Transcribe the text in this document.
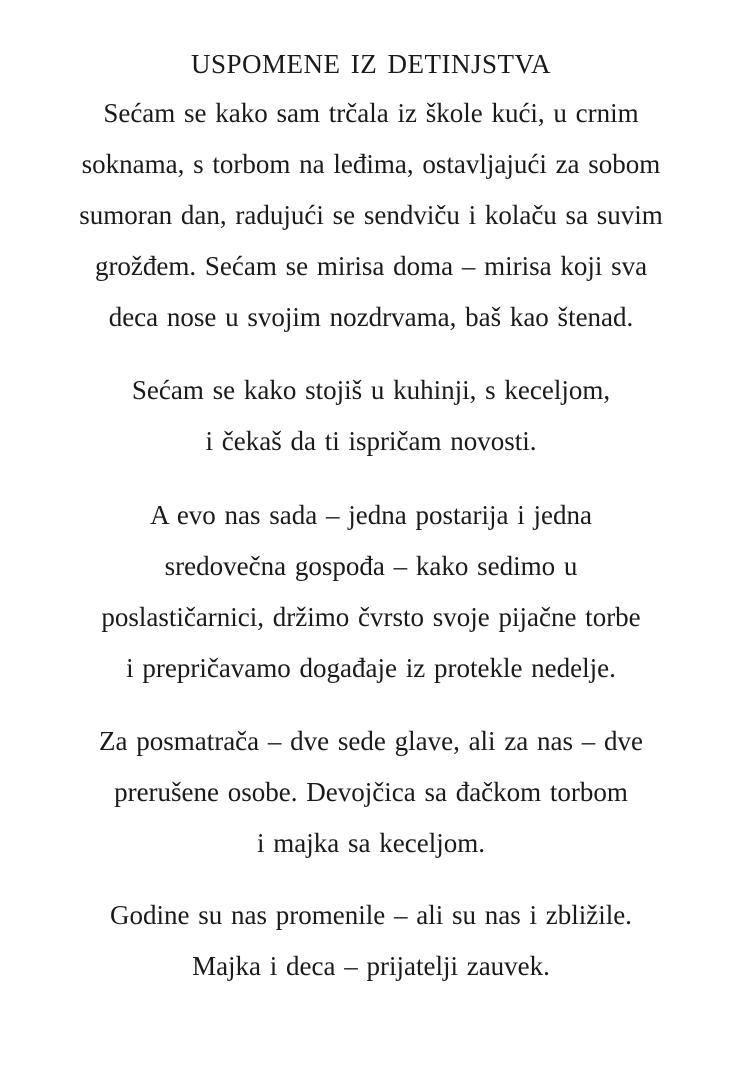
USPOMENE IZ DETINJSTVA
Sećam se kako sam trčala iz škole kući, u crnim
soknama, s torbom na leđima, ostavljajući za sobom
sumoran dan, radujući se sendviču i kolaču sa suvim
grožđem. Sećam se mirisa doma – mirisa koji sva
deca nose u svojim nozdrvama, baš kao štenad.
Sećam se kako stojiš u kuhinji, s keceljom,
i čekaš da ti ispričam novosti.
A evo nas sada – jedna postarija i jedna
sredovečna gospođa – kako sedimo u
poslastičarnici, držimo čvrsto svoje pijačne torbe
i prepričavamo događaje iz protekle nedelje.
Za posmatrača – dve sede glave, ali za nas – dve
prerušene osobe. Devojčica sa đačkom torbom
i majka sa keceljom.
Godine su nas promenile – ali su nas i zbližile.
Majka i deca – prijatelji zauvek.
